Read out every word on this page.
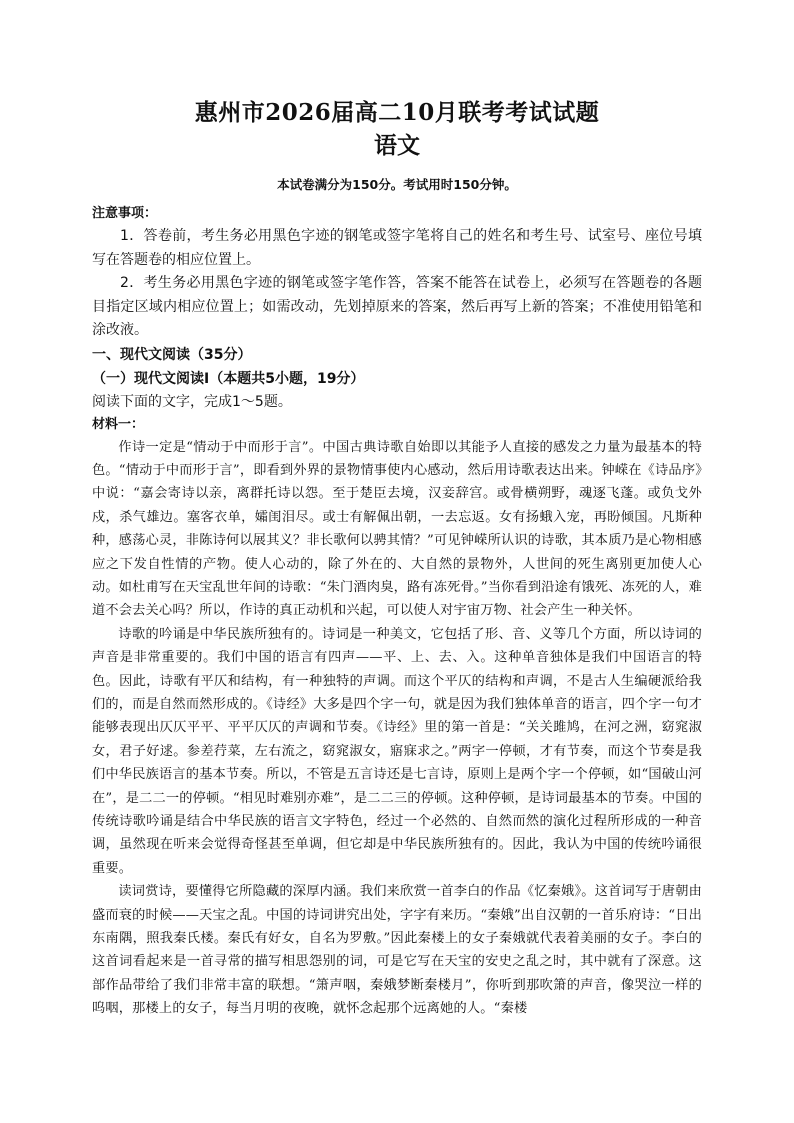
惠州市2026届高二10月联考考试试题
语文

本试卷满分为150分。考试用时150分钟。

注意事项：

1．答卷前，考生务必用黑色字迹的钢笔或签字笔将自己的姓名和考生号、试室号、座位号填写在答题卷的相应位置上。

2．考生务必用黑色字迹的钢笔或签字笔作答，答案不能答在试卷上，必须写在答题卷的各题目指定区域内相应位置上；如需改动，先划掉原来的答案，然后再写上新的答案；不准使用铅笔和涂改液。

一、现代文阅读（35分）

（一）现代文阅读Ⅰ（本题共5小题，19分）

阅读下面的文字，完成1～5题。

材料一：

作诗一定是“情动于中而形于言”。中国古典诗歌自始即以其能予人直接的感发之力量为最基本的特色。“情动于中而形于言”，即看到外界的景物情事使内心感动，然后用诗歌表达出来。钟嵘在《诗品序》中说：“嘉会寄诗以亲，离群托诗以怨。至于楚臣去境，汉妾辞宫。或骨横朔野，魂逐飞蓬。或负戈外戍，杀气雄边。塞客衣单，孀闺泪尽。或士有解佩出朝，一去忘返。女有扬蛾入宠，再盼倾国。凡斯种种，感荡心灵，非陈诗何以展其义？非长歌何以骋其情？”可见钟嵘所认识的诗歌，其本质乃是心物相感应之下发自性情的产物。使人心动的，除了外在的、大自然的景物外，人世间的死生离别更加使人心动。如杜甫写在天宝乱世年间的诗歌：“朱门酒肉臭，路有冻死骨。”当你看到沿途有饿死、冻死的人，难道不会去关心吗？所以，作诗的真正动机和兴起，可以使人对宇宙万物、社会产生一种关怀。

诗歌的吟诵是中华民族所独有的。诗词是一种美文，它包括了形、音、义等几个方面，所以诗词的声音是非常重要的。我们中国的语言有四声——平、上、去、入。这种单音独体是我们中国语言的特色。因此，诗歌有平仄和结构，有一种独特的声调。而这个平仄的结构和声调，不是古人生编硬派给我们的，而是自然而然形成的。《诗经》大多是四个字一句，就是因为我们独体单音的语言，四个字一句才能够表现出仄仄平平、平平仄仄的声调和节奏。《诗经》里的第一首是：“关关雎鸠，在河之洲，窈窕淑女，君子好逑。参差荇菜，左右流之，窈窕淑女，寤寐求之。”两字一停顿，才有节奏，而这个节奏是我们中华民族语言的基本节奏。所以，不管是五言诗还是七言诗，原则上是两个字一个停顿，如“国破山河在”，是二二一的停顿。“相见时难别亦难”，是二二三的停顿。这种停顿，是诗词最基本的节奏。中国的传统诗歌吟诵是结合中华民族的语言文字特色，经过一个必然的、自然而然的演化过程所形成的一种音调，虽然现在听来会觉得奇怪甚至单调，但它却是中华民族所独有的。因此，我认为中国的传统吟诵很重要。

读词赏诗，要懂得它所隐藏的深厚内涵。我们来欣赏一首李白的作品《忆秦娥》。这首词写于唐朝由盛而衰的时候——天宝之乱。中国的诗词讲究出处，字字有来历。“秦娥”出自汉朝的一首乐府诗：“日出东南隅，照我秦氏楼。秦氏有好女，自名为罗敷。”因此秦楼上的女子秦娥就代表着美丽的女子。李白的这首词看起来是一首寻常的描写相思怨别的词，可是它写在天宝的安史之乱之时，其中就有了深意。这部作品带给了我们非常丰富的联想。“箫声咽，秦娥梦断秦楼月”，你听到那吹箫的声音，像哭泣一样的呜咽，那楼上的女子，每当月明的夜晚，就怀念起那个远离她的人。“秦楼
